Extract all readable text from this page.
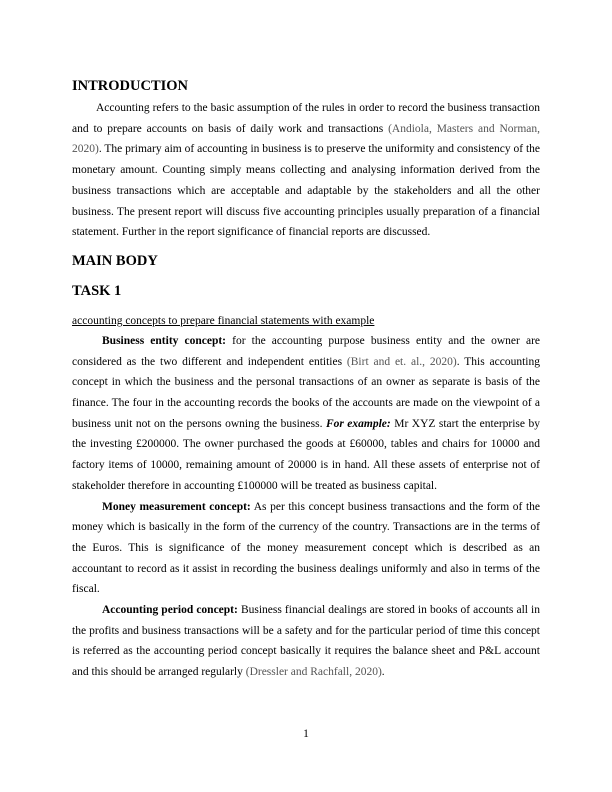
INTRODUCTION

Accounting refers to the basic assumption of the rules in order to record the business transaction and to prepare accounts on basis of daily work and transactions (Andiola, Masters and Norman, 2020). The primary aim of accounting in business is to preserve the uniformity and consistency of the monetary amount. Counting simply means collecting and analysing information derived from the business transactions which are acceptable and adaptable by the stakeholders and all the other business. The present report will discuss five accounting principles usually preparation of a financial statement. Further in the report significance of financial reports are discussed.

MAIN BODY
TASK 1

accounting concepts to prepare financial statements with example

Business entity concept: for the accounting purpose business entity and the owner are considered as the two different and independent entities (Birt and et. al., 2020). This accounting concept in which the business and the personal transactions of an owner as separate is basis of the finance. The four in the accounting records the books of the accounts are made on the viewpoint of a business unit not on the persons owning the business. For example: Mr XYZ start the enterprise by the investing £200000. The owner purchased the goods at £60000, tables and chairs for 10000 and factory items of 10000, remaining amount of 20000 is in hand. All these assets of enterprise not of stakeholder therefore in accounting £100000 will be treated as business capital.

Money measurement concept: As per this concept business transactions and the form of the money which is basically in the form of the currency of the country. Transactions are in the terms of the Euros. This is significance of the money measurement concept which is described as an accountant to record as it assist in recording the business dealings uniformly and also in terms of the fiscal.

Accounting period concept: Business financial dealings are stored in books of accounts all in the profits and business transactions will be a safety and for the particular period of time this concept is referred as the accounting period concept basically it requires the balance sheet and P&L account and this should be arranged regularly (Dressler and Rachfall, 2020).

1
